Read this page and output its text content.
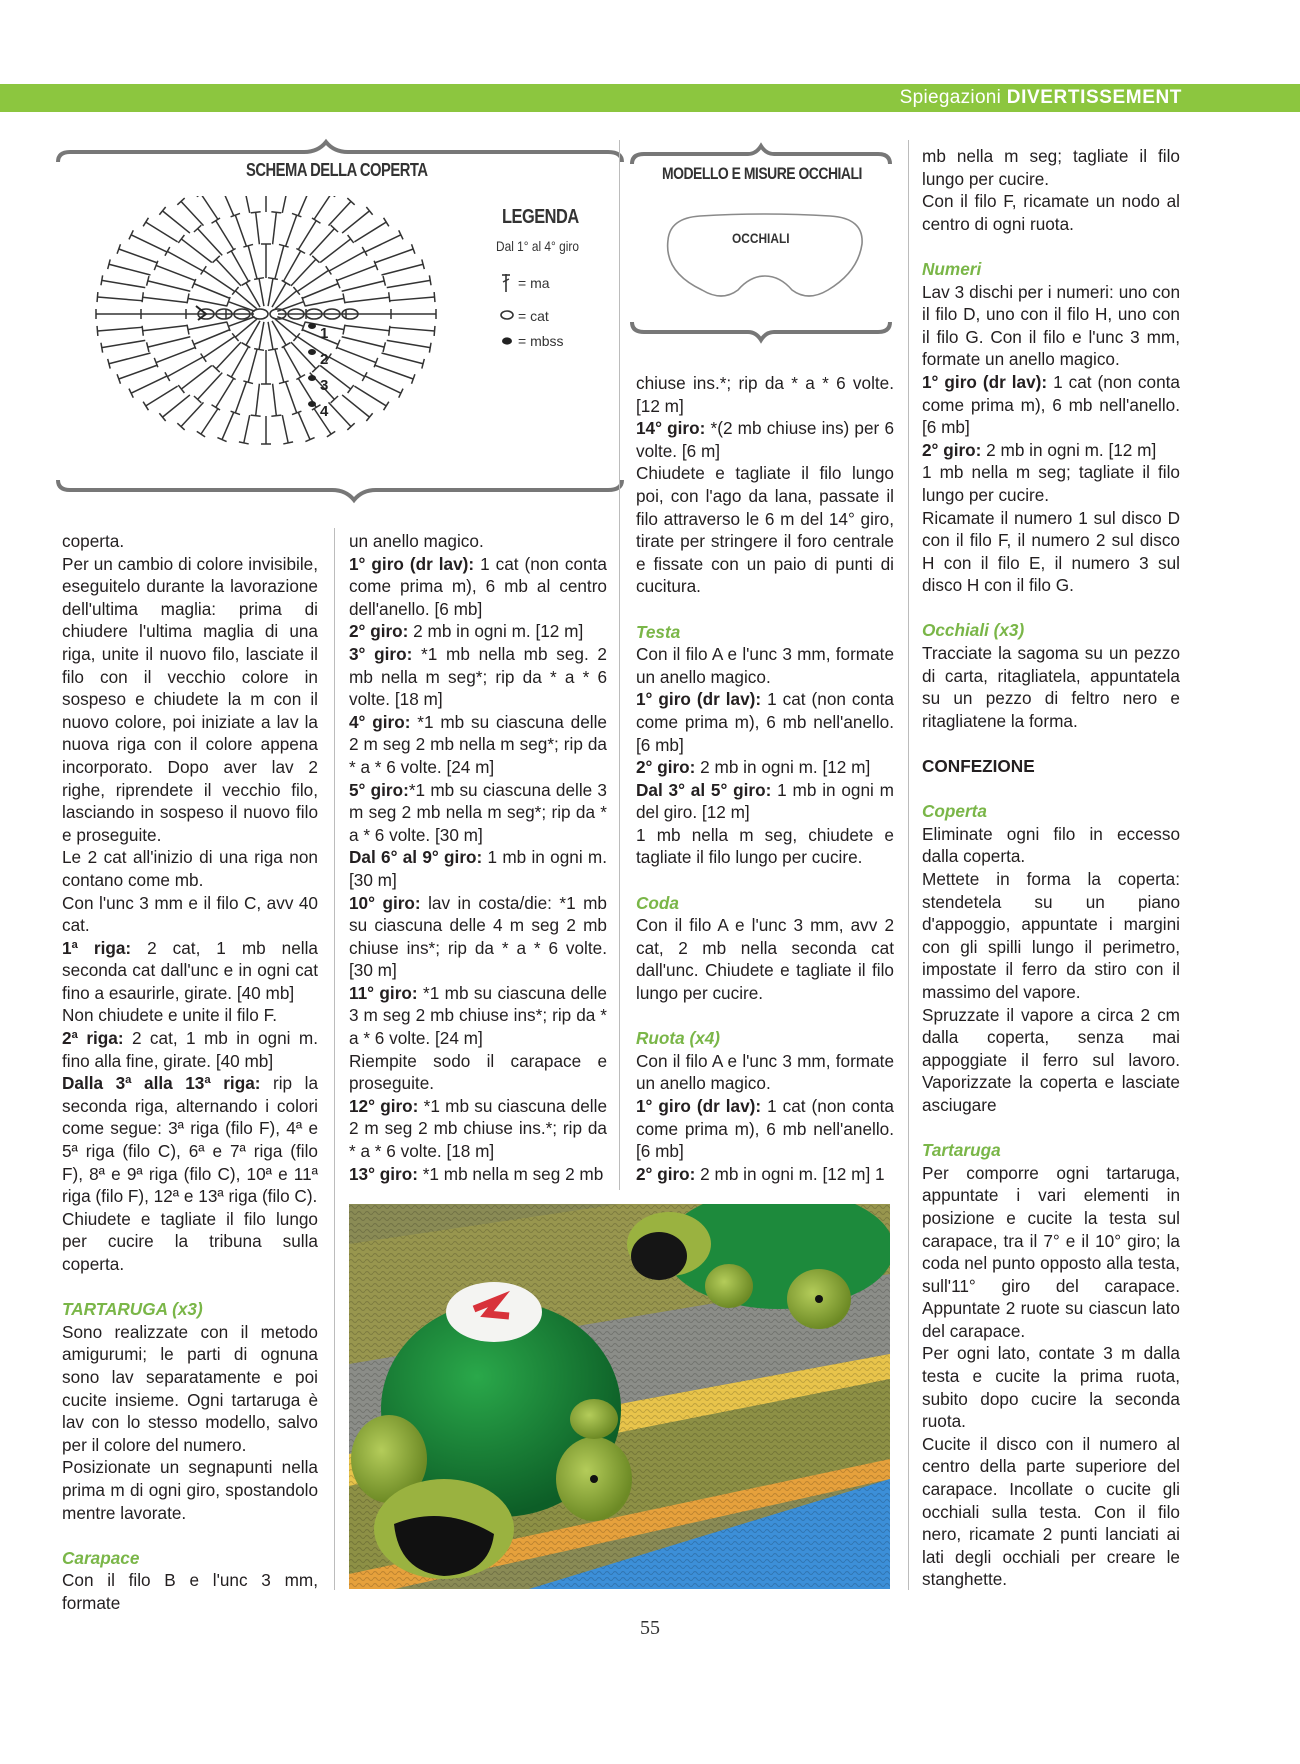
Spiegazioni DIVERTISSEMENT
SCHEMA DELLA COPERTA
1
2
3
4
LEGENDA
Dal 1° al 4° giro
= ma
= cat
= mbss
MODELLO E MISURE OCCHIALI
OCCHIALI

coperta.

Per un cambio di colore invisibile, eseguitelo durante la lavorazione dell'ultima maglia: prima di chiudere l'ultima maglia di una riga, unite il nuovo filo, lasciate il filo con il vecchio colore in sospeso e chiudete la m con il nuovo colore, poi iniziate a lav la nuova riga con il colore appena incorporato. Dopo aver lav 2 righe, riprendete il vecchio filo, lasciando in sospeso il nuovo filo e proseguite.

Le 2 cat all'inizio di una riga non contano come mb.

Con l'unc 3 mm e il filo C, avv 40 cat.

1ª riga: 2 cat, 1 mb nella seconda cat dall'unc e in ogni cat fino a esaurirle, girate. [40 mb]

Non chiudete e unite il filo F.

2ª riga: 2 cat, 1 mb in ogni m. fino alla fine, girate. [40 mb]

Dalla 3ª alla 13ª riga: rip la seconda riga, alternando i colori come segue: 3ª riga (filo F), 4ª e 5ª riga (filo C), 6ª e 7ª riga (filo F), 8ª e 9ª riga (filo C), 10ª e 11ª riga (filo F), 12ª e 13ª riga (filo C).

Chiudete e tagliate il filo lungo per cucire la tribuna sulla coperta.

TARTARUGA (x3)

Sono realizzate con il metodo amigurumi; le parti di ognuna sono lav separatamente e poi cucite insieme. Ogni tartaruga è lav con lo stesso modello, salvo per il colore del numero.

Posizionate un segnapunti nella prima m di ogni giro, spostandolo mentre lavorate.

Carapace

Con il filo B e l'unc 3 mm, formate

un anello magico.

1° giro (dr lav): 1 cat (non conta come prima m), 6 mb al centro dell'anello. [6 mb]

2° giro: 2 mb in ogni m. [12 m]

3° giro: *1 mb nella mb seg. 2 mb nella m seg*; rip da * a * 6 volte. [18 m]

4° giro: *1 mb su ciascuna delle 2 m seg 2 mb nella m seg*; rip da * a * 6 volte. [24 m]

5° giro:*1 mb su ciascuna delle 3 m seg 2 mb nella m seg*; rip da * a * 6 volte. [30 m]

Dal 6° al 9° giro: 1 mb in ogni m. [30 m]

10° giro: lav in costa/die: *1 mb su ciascuna delle 4 m seg 2 mb chiuse ins*; rip da * a * 6 volte. [30 m]

11° giro: *1 mb su ciascuna delle 3 m seg 2 mb chiuse ins*; rip da * a * 6 volte. [24 m]

Riempite sodo il carapace e proseguite.

12° giro: *1 mb su ciascuna delle 2 m seg 2 mb chiuse ins.*; rip da * a * 6 volte. [18 m]

13° giro: *1 mb nella m seg 2 mb

chiuse ins.*; rip da * a * 6 volte. [12 m]

14° giro: *(2 mb chiuse ins) per 6 volte. [6 m]

Chiudete e tagliate il filo lungo poi, con l'ago da lana, passate il filo attraverso le 6 m del 14° giro, tirate per stringere il foro centrale e fissate con un paio di punti di cucitura.

Testa

Con il filo A e l'unc 3 mm, formate un anello magico.

1° giro (dr lav): 1 cat (non conta come prima m), 6 mb nell'anello. [6 mb]

2° giro: 2 mb in ogni m. [12 m]

Dal 3° al 5° giro: 1 mb in ogni m del giro. [12 m]

1 mb nella m seg, chiudete e tagliate il filo lungo per cucire.

Coda

Con il filo A e l'unc 3 mm, avv 2 cat, 2 mb nella seconda cat dall'unc. Chiudete e tagliate il filo lungo per cucire.

Ruota (x4)

Con il filo A e l'unc 3 mm, formate un anello magico.

1° giro (dr lav): 1 cat (non conta come prima m), 6 mb nell'anello. [6 mb]

2° giro: 2 mb in ogni m. [12 m] 1

mb nella m seg; tagliate il filo lungo per cucire.

Con il filo F, ricamate un nodo al centro di ogni ruota.

Numeri

Lav 3 dischi per i numeri: uno con il filo D, uno con il filo H, uno con il filo G. Con il filo e l'unc 3 mm, formate un anello magico.

1° giro (dr lav): 1 cat (non conta come prima m), 6 mb nell'anello. [6 mb]

2° giro: 2 mb in ogni m. [12 m]

1 mb nella m seg; tagliate il filo lungo per cucire.

Ricamate il numero 1 sul disco D con il filo F, il numero 2 sul disco H con il filo E, il numero 3 sul disco H con il filo G.

Occhiali (x3)

Tracciate la sagoma su un pezzo di carta, ritagliatela, appuntatela su un pezzo di feltro nero e ritagliatene la forma.

CONFEZIONE

Coperta

Eliminate ogni filo in eccesso dalla coperta.

Mettete in forma la coperta: stendetela su un piano d'appoggio, appuntate i margini con gli spilli lungo il perimetro, impostate il ferro da stiro con il massimo del vapore.

Spruzzate il vapore a circa 2 cm dalla coperta, senza mai appoggiate il ferro sul lavoro. Vaporizzate la coperta e lasciate asciugare

Tartaruga

Per comporre ogni tartaruga, appuntate i vari elementi in posizione e cucite la testa sul carapace, tra il 7° e il 10° giro; la coda nel punto opposto alla testa, sull'11° giro del carapace. Appuntate 2 ruote su ciascun lato del carapace.

Per ogni lato, contate 3 m dalla testa e cucite la prima ruota, subito dopo cucire la seconda ruota.

Cucite il disco con il numero al centro della parte superiore del carapace. Incollate o cucite gli occhiali sulla testa. Con il filo nero, ricamate 2 punti lanciati ai lati degli occhiali per creare le stanghette.

55
